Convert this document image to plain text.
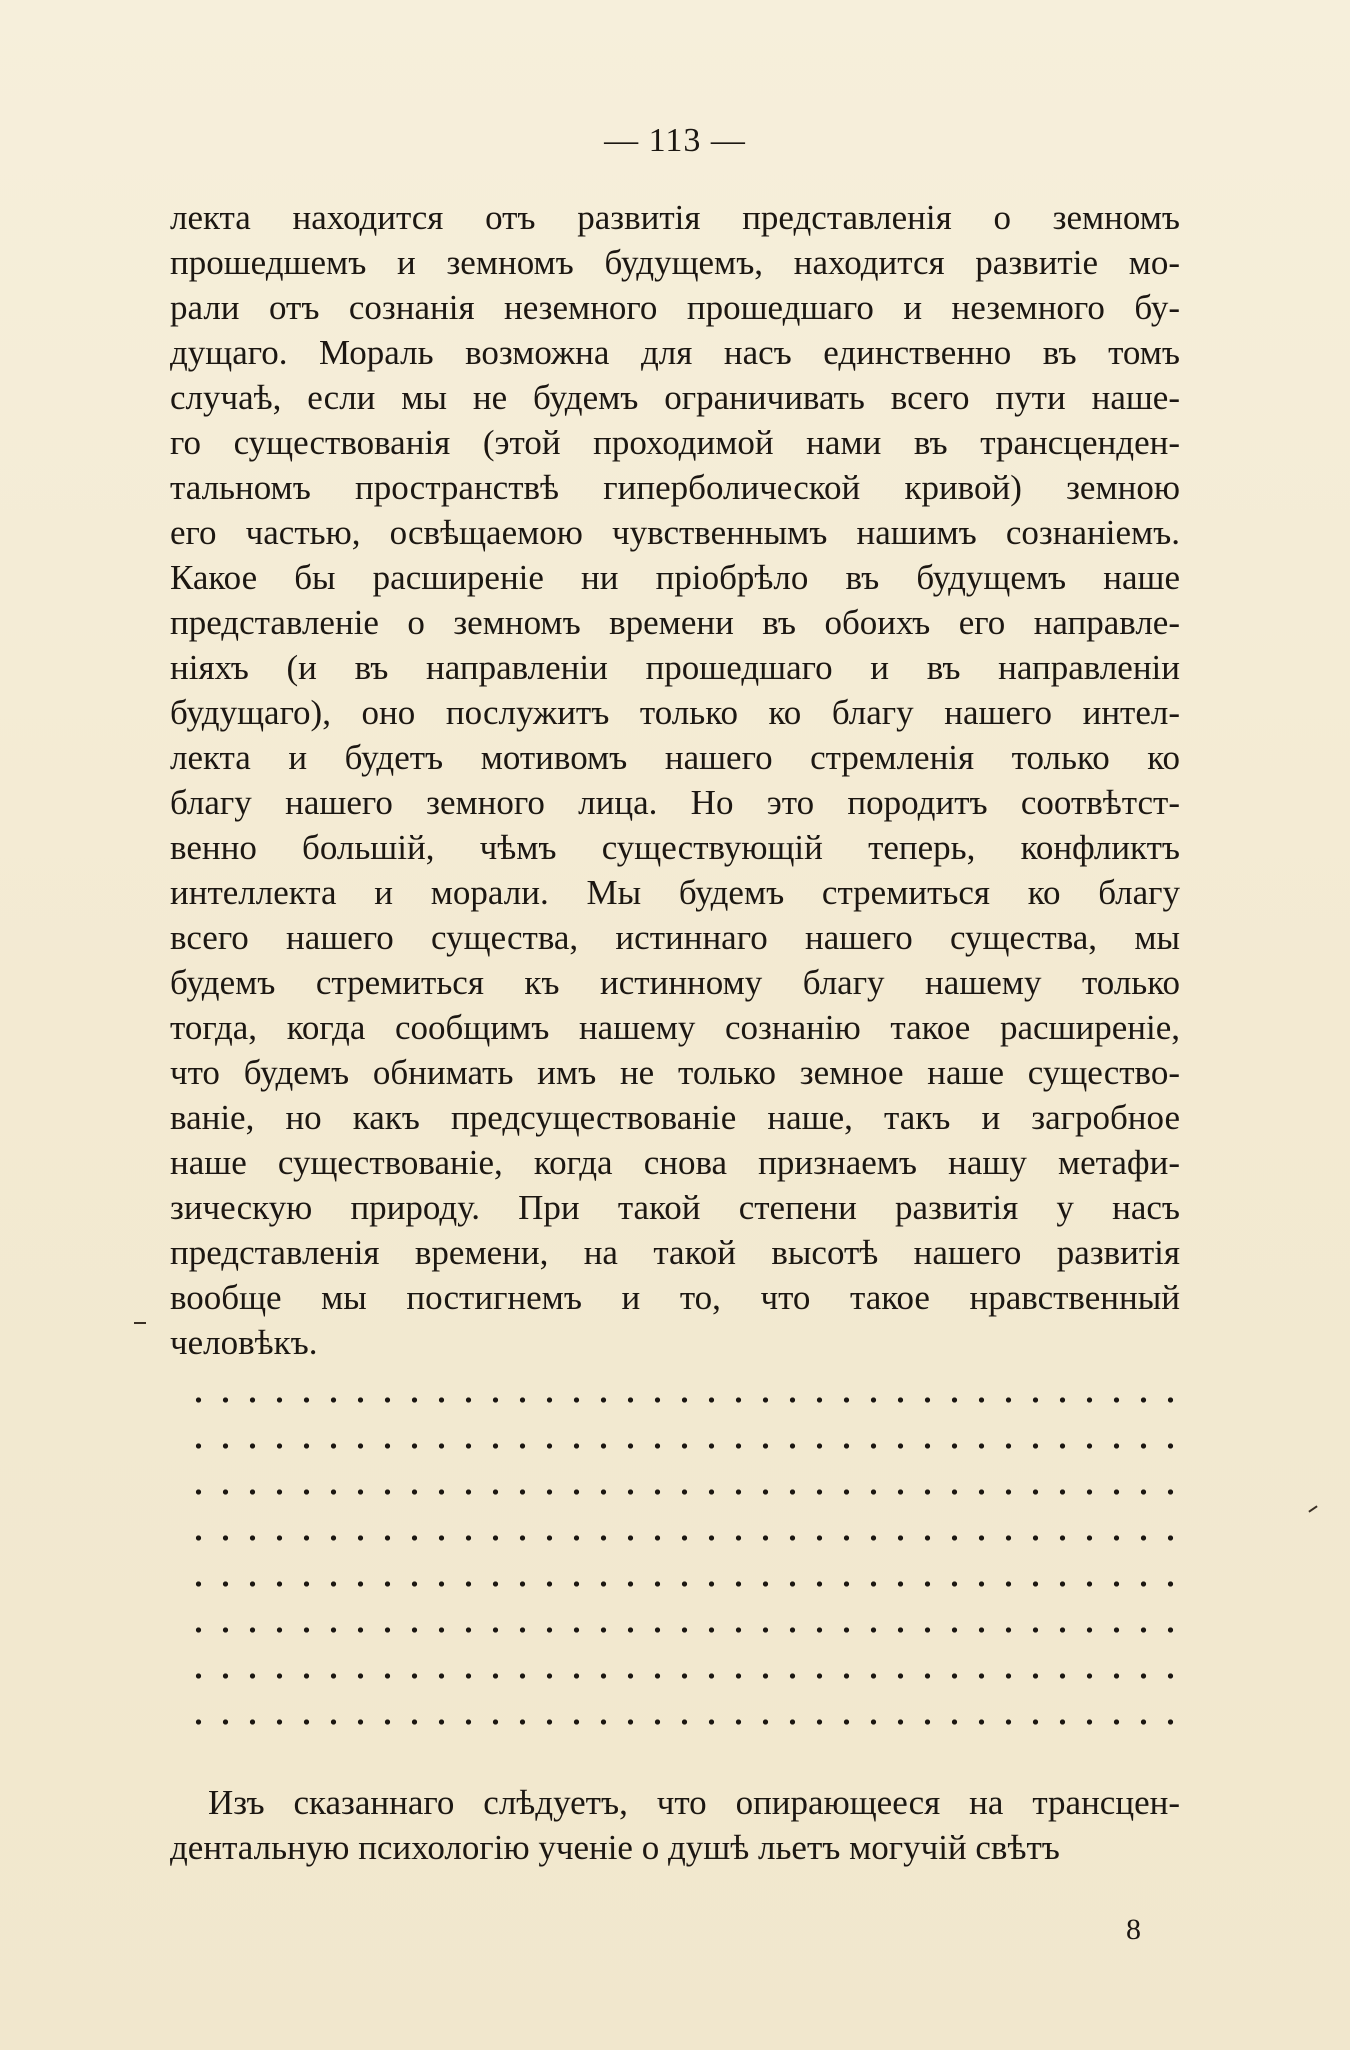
— 113 —
лекта находится отъ развитія представленія о земномъ
прошедшемъ и земномъ будущемъ, находится развитіе мо-
рали отъ сознанія неземного прошедшаго и неземного бу-
дущаго. Мораль возможна для насъ единственно въ томъ
случаѣ, если мы не будемъ ограничивать всего пути наше-
го существованія (этой проходимой нами въ трансценден-
тальномъ пространствѣ гиперболической кривой) земною
его частью, освѣщаемою чувственнымъ нашимъ сознаніемъ.
Какое бы расширеніе ни пріобрѣло въ будущемъ наше
представленіе о земномъ времени въ обоихъ его направле-
ніяхъ (и въ направленіи прошедшаго и въ направленіи
будущаго), оно послужитъ только ко благу нашего интел-
лекта и будетъ мотивомъ нашего стремленія только ко
благу нашего земного лица. Но это породитъ соотвѣтст-
венно большій, чѣмъ существующій теперь, конфликтъ
интеллекта и морали. Мы будемъ стремиться ко благу
всего нашего существа, истиннаго нашего существа, мы
будемъ стремиться къ истинному благу нашему только
тогда, когда сообщимъ нашему сознанію такое расширеніе,
что будемъ обнимать имъ не только земное наше существо-
ваніе, но какъ предсуществованіе наше, такъ и загробное
наше существованіе, когда снова признаемъ нашу метафи-
зическую природу. При такой степени развитія у насъ
представленія времени, на такой высотѣ нашего развитія
вообще мы постигнемъ и то, что такое нравственный
человѣкъ.
Изъ сказаннаго слѣдуетъ, что опирающееся на трансцен-
дентальную психологію ученіе о душѣ льетъ могучій свѣтъ
8
